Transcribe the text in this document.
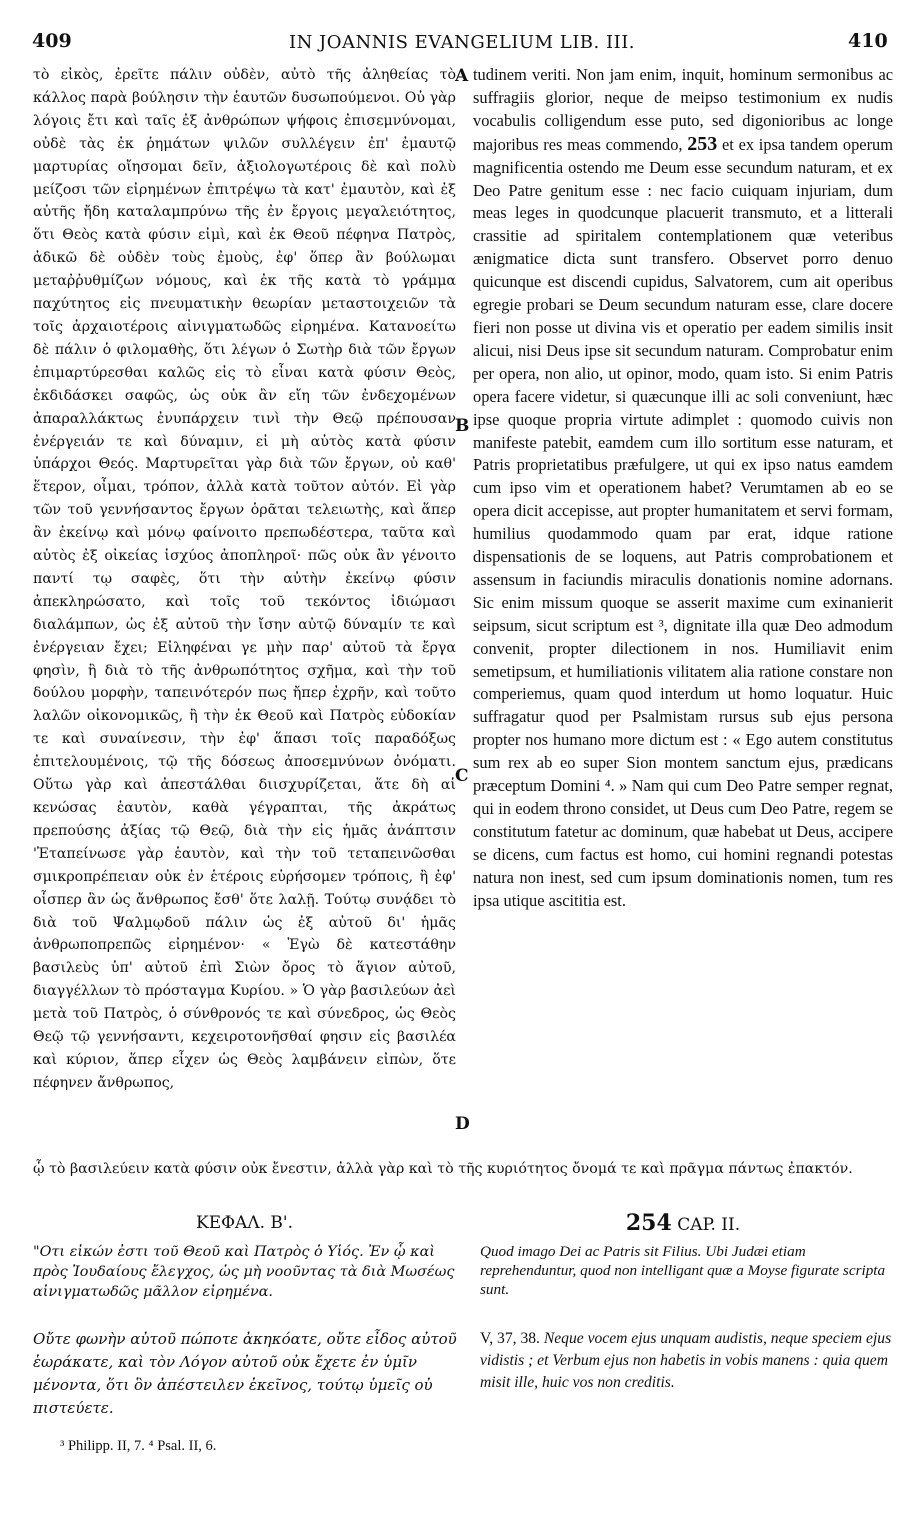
409	IN JOANNIS EVANGELIUM LIB. III.	410

τὸ εἰκὸς, ἐρεῖτε πάλιν οὐδὲν, αὐτὸ τῆς ἀληθείας τὸ κάλλος παρὰ βούλησιν τὴν ἑαυτῶν δυσωπούμενοι. Οὐ γὰρ λόγοις ἔτι καὶ ταῖς ἐξ ἀνθρώπων ψήφοις ἐπισεμνύνομαι, οὐδὲ τὰς ἐκ ῥημάτων ψιλῶν συλλέγειν ἐπ' ἐμαυτῷ μαρτυρίας οἴησομαι δεῖν, ἀξιολογωτέροις δὲ καὶ πολὺ μείζοσι τῶν εἰρημένων ἐπιτρέψω τὰ κατ' ἐμαυτὸν, καὶ ἐξ αὐτῆς ἤδη καταλαμπρύνω τῆς ἐν ἔργοις μεγαλειότητος, ὅτι Θεὸς κατὰ φύσιν εἰμὶ, καὶ ἐκ Θεοῦ πέφηνα Πατρὸς, ἀδικῶ δὲ οὐδὲν τοὺς ἐμοὺς, ἐφ' ὅπερ ἂν βούλωμαι μεταῤῥυθμίζων νόμους, καὶ ἐκ τῆς κατὰ τὸ γράμμα παχύτητος εἰς πνευματικὴν θεωρίαν μεταστοιχειῶν τὰ τοῖς ἀρχαιοτέροις αἰνιγματωδῶς εἰρημένα. Κατανοείτω δὲ πάλιν ὁ φιλομαθὴς, ὅτι λέγων ὁ Σωτὴρ διὰ τῶν ἔργων ἐπιμαρτύρεσθαι καλῶς εἰς τὸ εἶναι κατὰ φύσιν Θεὸς, ἐκδιδάσκει σαφῶς, ὡς οὐκ ἂν εἴη τῶν ἐνδεχομένων ἀπαραλλάκτως ἐνυπάρχειν τινὶ τὴν Θεῷ πρέπουσαν ἐνέργειάν τε καὶ δύναμιν, εἰ μὴ αὐτὸς κατὰ φύσιν ὑπάρχοι Θεός. Μαρτυρεῖται γὰρ διὰ τῶν ἔργων, οὐ καθ' ἕτερον, οἶμαι, τρόπον, ἀλλὰ κατὰ τοῦτον αὐτόν. Εἰ γὰρ τῶν τοῦ γεννήσαντος ἔργων ὁρᾶται τελειωτὴς, καὶ ἅπερ ἂν ἐκείνῳ καὶ μόνῳ φαίνοιτο πρεπωδέστερα, ταῦτα καὶ αὐτὸς ἐξ οἰκείας ἰσχύος ἀποπληροῖ· πῶς οὐκ ἂν γένοιτο παντί τῳ σαφὲς, ὅτι τὴν αὐτὴν ἐκείνῳ φύσιν ἀπεκληρώσατο, καὶ τοῖς τοῦ τεκόντος ἰδιώμασι διαλάμπων, ὡς ἐξ αὐτοῦ τὴν ἴσην αὐτῷ δύναμίν τε καὶ ἐνέργειαν ἔχει; Εἰληφέναι γε μὴν παρ' αὐτοῦ τὰ ἔργα φησὶν, ἢ διὰ τὸ τῆς ἀνθρωπότητος σχῆμα, καὶ τὴν τοῦ δούλου μορφὴν, ταπεινότερόν πως ἤπερ ἐχρῆν, καὶ τοῦτο λαλῶν οἰκονομικῶς, ἢ τὴν ἐκ Θεοῦ καὶ Πατρὸς εὐδοκίαν τε καὶ συναίνεσιν, τὴν ἐφ' ἅπασι τοῖς παραδόξως ἐπιτελουμένοις, τῷ τῆς δόσεως ἀποσεμνύνων ὀνόματι. Οὕτω γὰρ καὶ ἀπεστάλθαι διισχυρίζεται, ἅτε δὴ αἱ κενώσας ἑαυτὸν, καθὰ γέγραπται, τῆς ἀκράτως πρεπούσης ἀξίας τῷ Θεῷ, διὰ τὴν εἰς ἡμᾶς ἀνάπτσιν 'Ἐταπείνωσε γὰρ ἑαυτὸν, καὶ τὴν τοῦ τεταπεινῶσθαι σμικροπρέπειαν οὐκ ἐν ἑτέροις εὑρήσομεν τρόποις, ἢ ἐφ' οἷσπερ ἂν ὡς ἄνθρωπος ἔσθ' ὅτε λαλῇ. Τούτῳ συνᾴδει τὸ διὰ τοῦ Ψαλμῳδοῦ πάλιν ὡς ἐξ αὐτοῦ δι' ἡμᾶς ἀνθρωποπρεπῶς εἰρημένον· « Ἐγὼ δὲ κατεστάθην βασιλεὺς ὑπ' αὐτοῦ ἐπὶ Σιὼν ὄρος τὸ ἅγιον αὐτοῦ, διαγγέλλων τὸ πρόσταγμα Κυρίου. » Ὁ γὰρ βασιλεύων ἀεὶ μετὰ τοῦ Πατρὸς, ὁ σύνθρονός τε καὶ σύνεδρος, ὡς Θεὸς Θεῷ τῷ γεννήσαντι, κεχειροτονῆσθαί φησιν εἰς βασιλέα καὶ κύριον, ἅπερ εἶχεν ὡς Θεὸς λαμβάνειν εἰπὼν, ὅτε πέφηνεν ἄνθρωπος,

A
B
C
D

tudinem veriti. Non jam enim, inquit, hominum sermonibus ac suffragiis glorior, neque de meipso testimonium ex nudis vocabulis colligendum esse puto, sed digonioribus ac longe majoribus res meas commendo, 253 et ex ipsa tandem operum magnificentia ostendo me Deum esse secundum naturam, et ex Deo Patre genitum esse : nec facio cuiquam injuriam, dum meas leges in quodcunque placuerit transmuto, et a litterali crassitie ad spiritalem contemplationem quæ veteribus ænigmatice dicta sunt transfero. Observet porro denuo quicunque est discendi cupidus, Salvatorem, cum ait operibus egregie probari se Deum secundum naturam esse, clare docere fieri non posse ut divina vis et operatio per eadem similis insit alicui, nisi Deus ipse sit secundum naturam. Comprobatur enim per opera, non alio, ut opinor, modo, quam isto. Si enim Patris opera facere videtur, si quæcunque illi ac soli conveniunt, hæc ipse quoque propria virtute adimplet : quomodo cuivis non manifeste patebit, eamdem cum illo sortitum esse naturam, et Patris proprietatibus præfulgere, ut qui ex ipso natus eamdem cum ipso vim et operationem habet? Verumtamen ab eo se opera dicit accepisse, aut propter humanitatem et servi formam, humilius quodammodo quam par erat, idque ratione dispensationis de se loquens, aut Patris comprobationem et assensum in faciundis miraculis donationis nomine adornans. Sic enim missum quoque se asserit maxime cum exinanierit seipsum, sicut scriptum est ³, dignitate illa quæ Deo admodum convenit, propter dilectionem in nos. Humiliavit enim semetipsum, et humiliationis vilitatem alia ratione constare non comperiemus, quam quod interdum ut homo loquatur. Huic suffragatur quod per Psalmistam rursus sub ejus persona propter nos humano more dictum est : « Ego autem constitutus sum rex ab eo super Sion montem sanctum ejus, prædicans præceptum Domini ⁴. » Nam qui cum Deo Patre semper regnat, qui in eodem throno considet, ut Deus cum Deo Patre, regem se constitutum fatetur ac dominum, quæ habebat ut Deus, accipere se dicens, cum factus est homo, cui homini regnandi potestas natura non inest, sed cum ipsum dominationis nomen, tum res ipsa utique ascititia est.

ᾧ τὸ βασιλεύειν κατὰ φύσιν οὐκ ἔνεστιν, ἀλλὰ γὰρ καὶ τὸ τῆς κυριότητος ὄνομά τε καὶ πρᾶγμα πάντως ἐπακτόν.

ΚΕΦΑΛ. Β'.	254 CAP. II.
"Οτι εἰκών ἐστι τοῦ Θεοῦ καὶ Πατρὸς ὁ Υἱός. Ἐν ᾧ καὶ πρὸς Ἰουδαίους ἔλεγχος, ὡς μὴ νοοῦντας τὰ διὰ Μωσέως αἰνιγματωδῶς μᾶλλον εἰρημένα.
Quod imago Dei ac Patris sit Filius. Ubi Judæi etiam reprehenduntur, quod non intelligant quæ a Moyse figurate scripta sunt.
Οὔτε φωνὴν αὐτοῦ πώποτε ἀκηκόατε, οὔτε εἶδος αὐτοῦ ἑωράκατε, καὶ τὸν Λόγον αὐτοῦ οὐκ ἔχετε ἐν ὑμῖν μένοντα, ὅτι ὃν ἀπέστειλεν ἐκεῖνος, τούτῳ ὑμεῖς οὐ πιστεύετε.
V, 37, 38. Neque vocem ejus unquam audistis, neque speciem ejus vidistis ; et Verbum ejus non habetis in vobis manens : quia quem misit ille, huic vos non creditis.
³ Philipp. II, 7. ⁴ Psal. II, 6.
